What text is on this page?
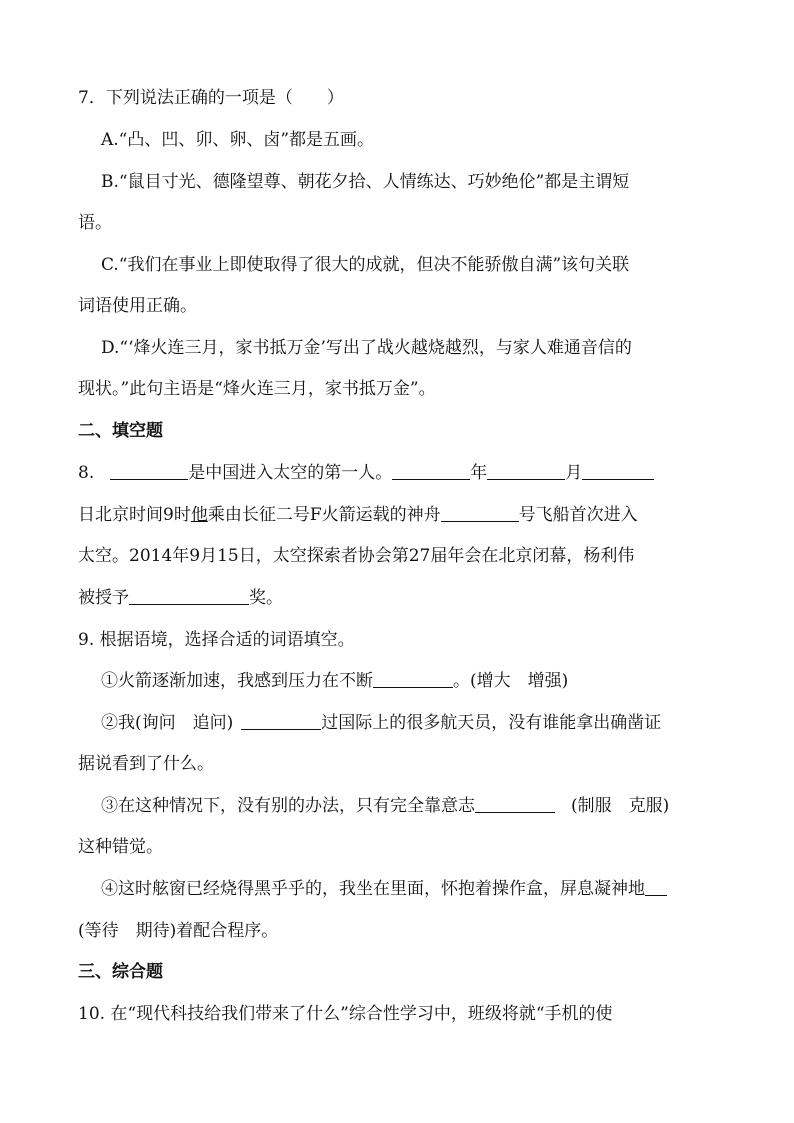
7．下列说法正确的一项是（　　）
A.“凸、凹、卯、卵、卤”都是五画。
B.“鼠目寸光、德隆望尊、朝花夕拾、人情练达、巧妙绝伦”都是主谓短
语。
C.“我们在事业上即使取得了很大的成就，但决不能骄傲自满”该句关联
词语使用正确。
D.“‘烽火连三月，家书抵万金’写出了战火越烧越烈，与家人难通音信的
现状。”此句主语是“烽火连三月，家书抵万金”。
二、填空题
8.	是中国进入太空的第一人。	年	月
日北京时间9时他乘由长征二号F火箭运载的神舟	号飞船首次进入
太空。2014年9月15日，太空探索者协会第27届年会在北京闭幕，杨利伟
被授予	奖。
9. 根据语境，选择合适的词语填空。
①火箭逐渐加速，我感到压力在不断	。(增大　增强)
②我(询问　追问)	过国际上的很多航天员，没有谁能拿出确凿证
据说看到了什么。
③在这种情况下，没有别的办法，只有完全靠意志	(制服　克服)
这种错觉。
④这时舷窗已经烧得黑乎乎的，我坐在里面，怀抱着操作盒，屏息凝神地
(等待　期待)着配合程序。
三、综合题
10. 在“现代科技给我们带来了什么”综合性学习中，班级将就“手机的使
